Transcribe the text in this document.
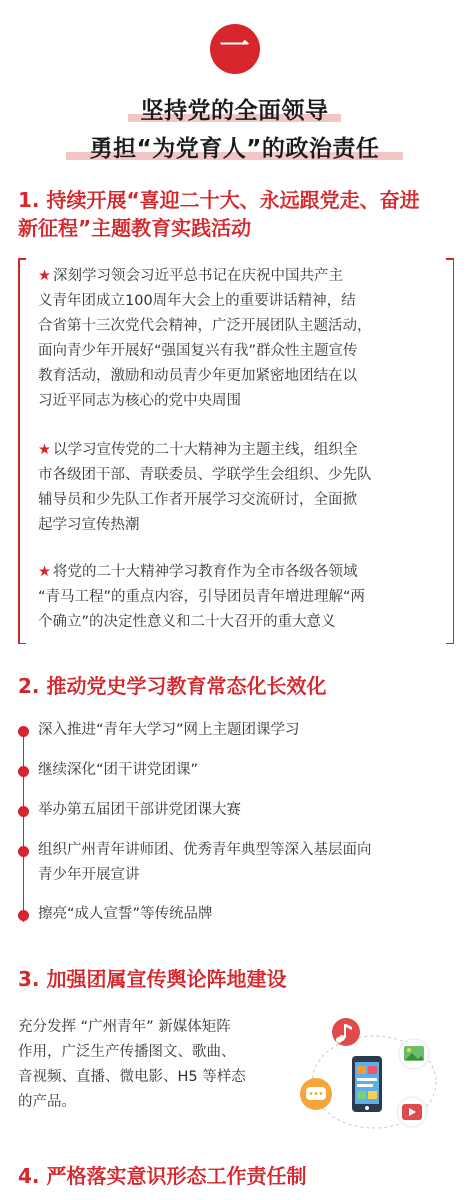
一
坚持党的全面领导
勇担“为党育人”的政治责任
1. 持续开展“喜迎二十大、永远跟党走、奋进
新征程”主题教育实践活动
★ 深刻学习领会习近平总书记在庆祝中国共产主
义青年团成立100周年大会上的重要讲话精神，结
合省第十三次党代会精神，广泛开展团队主题活动，
面向青少年开展好“强国复兴有我”群众性主题宣传
教育活动，激励和动员青少年更加紧密地团结在以
习近平同志为核心的党中央周围
★ 以学习宣传党的二十大精神为主题主线，组织全
市各级团干部、青联委员、学联学生会组织、少先队
辅导员和少先队工作者开展学习交流研讨，全面掀
起学习宣传热潮
★ 将党的二十大精神学习教育作为全市各级各领域
“青马工程”的重点内容，引导团员青年增进理解“两
个确立”的决定性意义和二十大召开的重大意义
2. 推动党史学习教育常态化长效化
深入推进“青年大学习”网上主题团课学习
继续深化“团干讲党团课”
举办第五届团干部讲党团课大赛
组织广州青年讲师团、优秀青年典型等深入基层面向
青少年开展宣讲
擦亮“成人宣誓”等传统品牌
3. 加强团属宣传舆论阵地建设
充分发挥 “广州青年” 新媒体矩阵
作用，广泛生产传播图文、歌曲、
音视频、直播、微电影、H5 等样态
的产品。
4. 严格落实意识形态工作责任制
